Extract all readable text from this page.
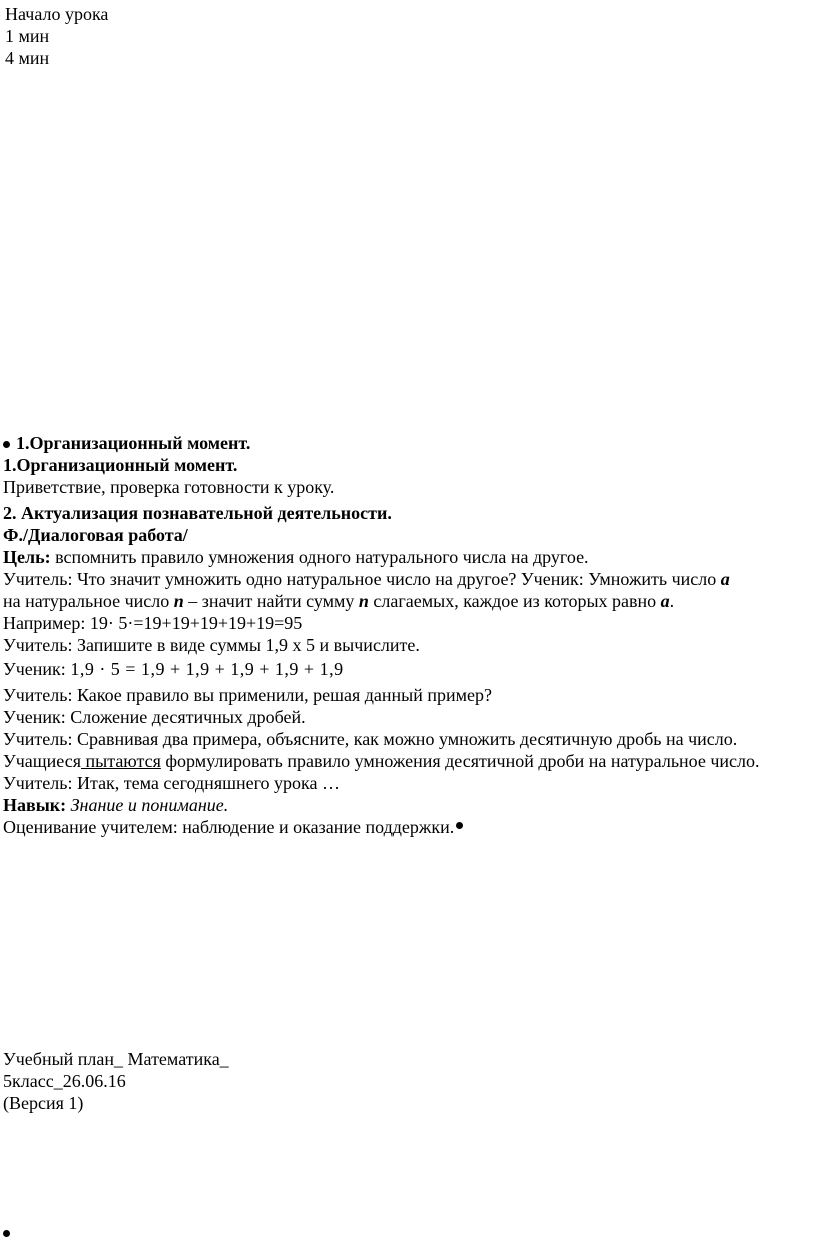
Начало урока
1 мин
4 мин
1.Организационный момент.
1.Организационный момент.
Приветствие, проверка готовности к уроку.
2. Актуализация познавательной деятельности.
Ф./Диалоговая работа/
Цель: вспомнить правило умножения одного натурального числа на другое.
Учитель: Что значит умножить одно натуральное число на другое? Ученик: Умножить число a
на натуральное число n – значит найти сумму n слагаемых, каждое из которых равно a.
Например: 19· 5·=19+19+19+19+19=95
Учитель: Запишите в виде суммы 1,9 х 5 и вычислите.
Ученик: 1,9 · 5 = 1,9 + 1,9 + 1,9 + 1,9 + 1,9
Учитель: Какое правило вы применили, решая данный пример?
Ученик: Сложение десятичных дробей.
Учитель: Сравнивая два примера, объясните, как можно умножить десятичную дробь на число.
Учащиеся пытаются формулировать правило умножения десятичной дроби на натуральное число.
Учитель: Итак, тема сегодняшнего урока …
Навык: Знание и понимание.
Оценивание учителем: наблюдение и оказание поддержки.
Учебный план_ Математика_
5класс_26.06.16
(Версия 1)
